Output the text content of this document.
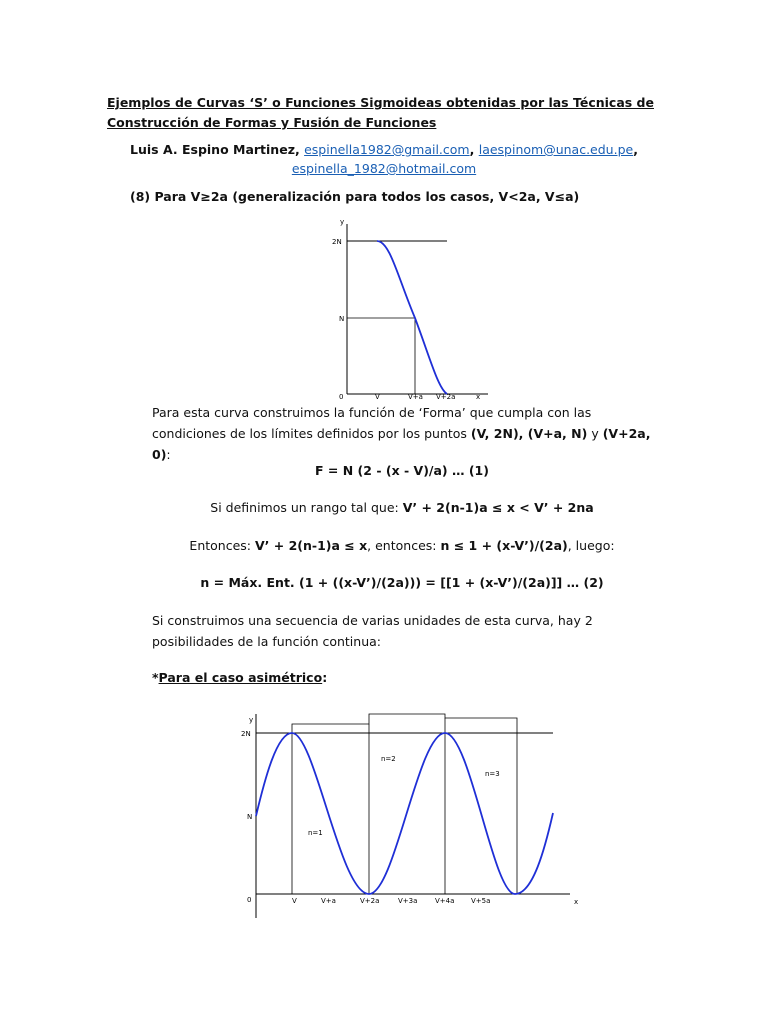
Ejemplos de Curvas ‘S’ o Funciones Sigmoideas obtenidas por las Técnicas de Construcción de Formas y Fusión de Funciones
Luis A. Espino Martinez, espinella1982@gmail.com, laespinom@unac.edu.pe,
espinella_1982@hotmail.com
(8) Para V≥2a (generalización para todos los casos, V<2a, V≤a)
y
2N
N
0	V	V+a V+2a	x
Para esta curva construimos la función de ‘Forma’ que cumpla con las condiciones de los límites definidos por los puntos (V, 2N), (V+a, N) y (V+2a, 0):
F = N (2 - (x - V)/a) … (1)
Si definimos un rango tal que: V’ + 2(n-1)a ≤ x < V’ + 2na
Entonces: V’ + 2(n-1)a ≤ x, entonces: n ≤ 1 + (x-V’)/(2a), luego:
n = Máx. Ent. (1 + ((x-V’)/(2a))) = [[1 + (x-V’)/(2a)]] … (2)
Si construimos una secuencia de varias unidades de esta curva, hay 2 posibilidades de la función continua:
*Para el caso asimétrico:
y
2N
N
0	V	V+a	V+2a	V+3a	V+4a V+5a	x
n=1
n=2
n=3
